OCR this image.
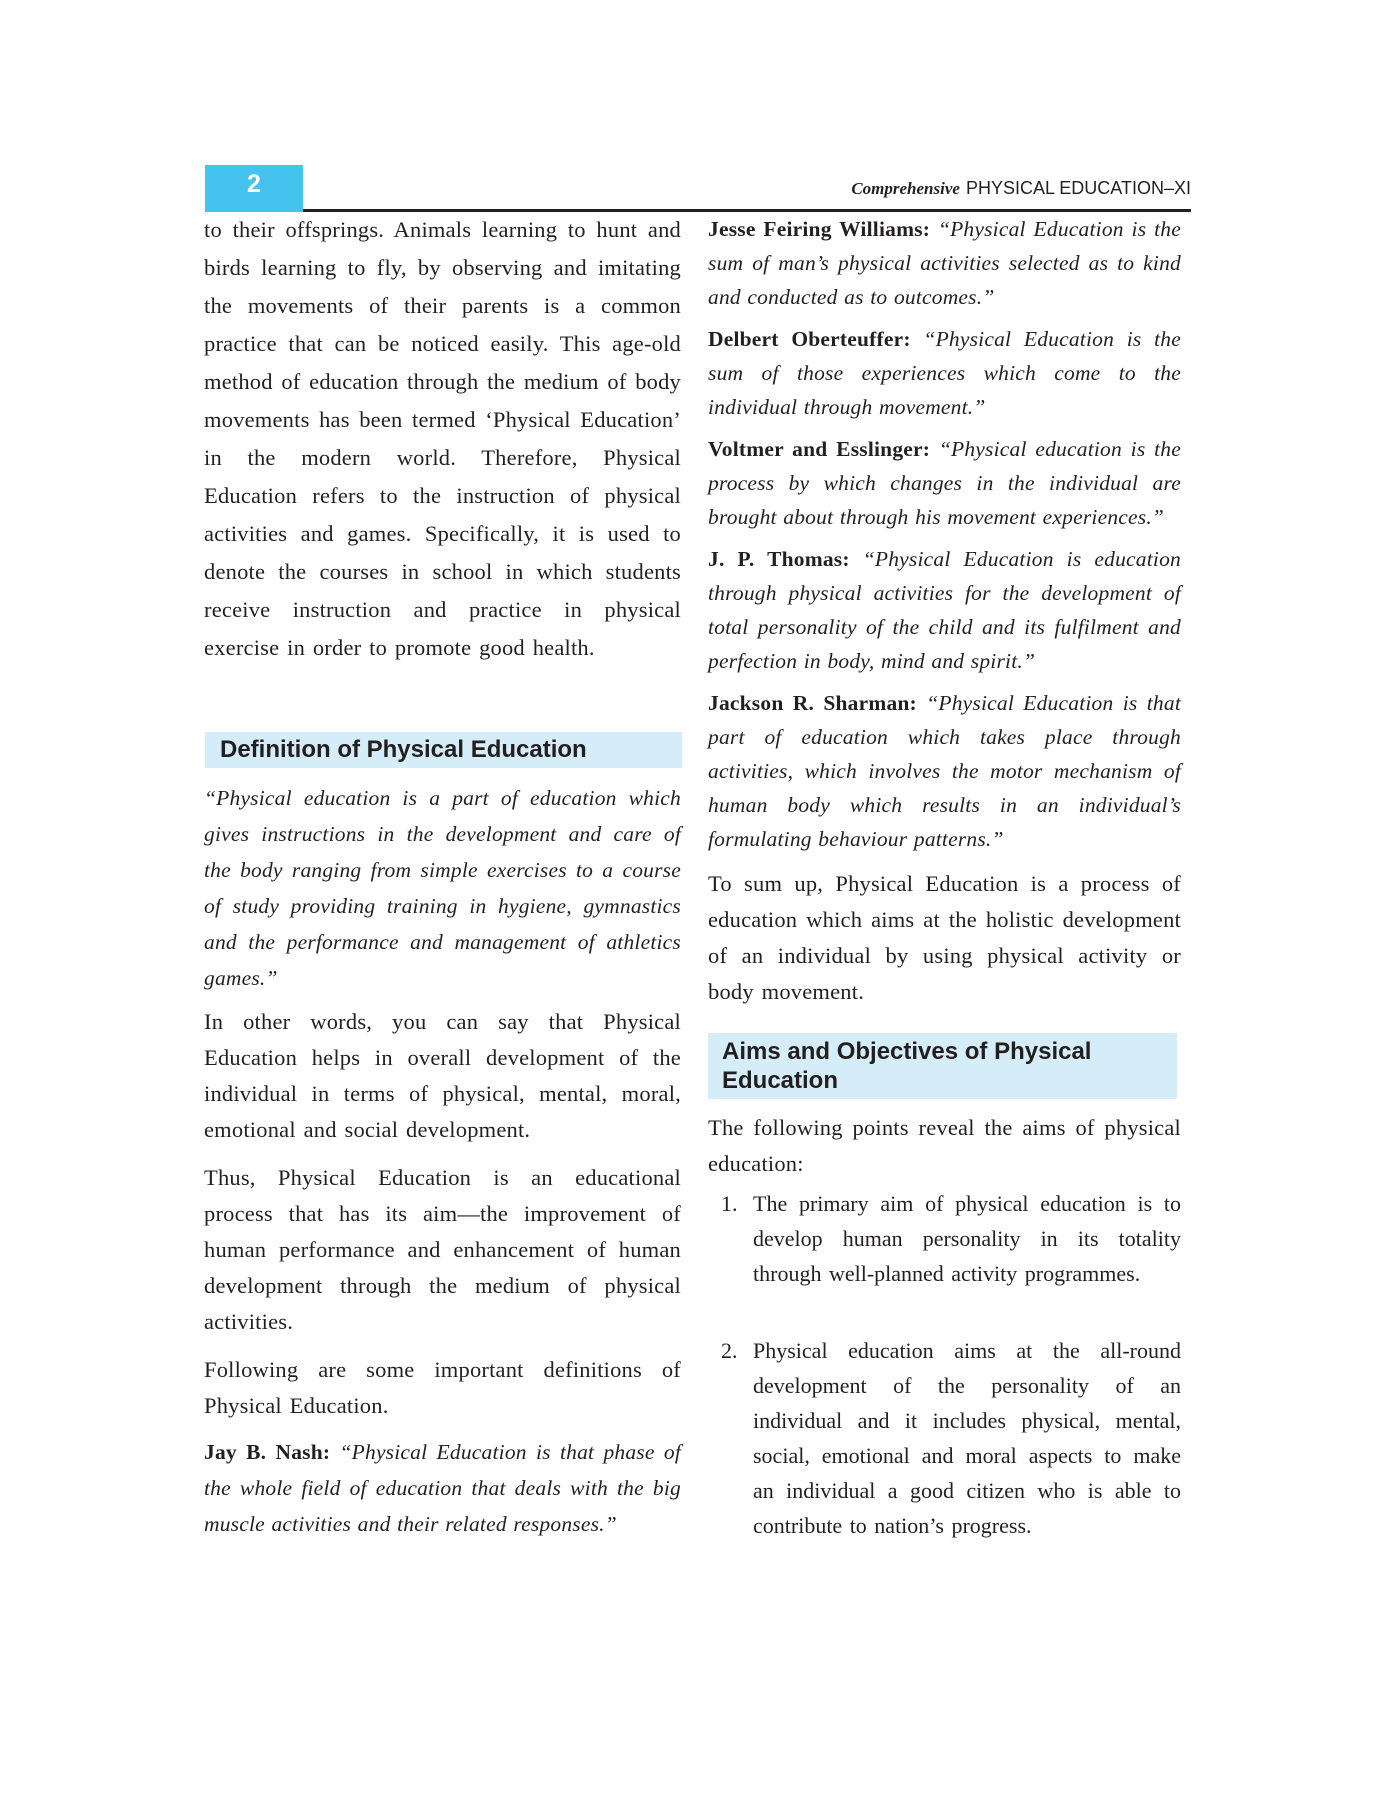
2	Comprehensive PHYSICAL EDUCATION–XI
to their offsprings. Animals learning to hunt and birds learning to fly, by observing and imitating the movements of their parents is a common practice that can be noticed easily. This age-old method of education through the medium of body movements has been termed ‘Physical Education’ in the modern world. Therefore, Physical Education refers to the instruction of physical activities and games. Specifically, it is used to denote the courses in school in which students receive instruction and practice in physical exercise in order to promote good health.
Definition of Physical Education
“Physical education is a part of education which gives instructions in the development and care of the body ranging from simple exercises to a course of study providing training in hygiene, gymnastics and the performance and management of athletics games.”
In other words, you can say that Physical Education helps in overall development of the individual in terms of physical, mental, moral, emotional and social development.
Thus, Physical Education is an educational process that has its aim—the improvement of human performance and enhancement of human development through the medium of physical activities.
Following are some important definitions of Physical Education.
Jay B. Nash: “Physical Education is that phase of the whole field of education that deals with the big muscle activities and their related responses.”
Jesse Feiring Williams: “Physical Education is the sum of man’s physical activities selected as to kind and conducted as to outcomes.”
Delbert Oberteuffer: “Physical Education is the sum of those experiences which come to the individual through movement.”
Voltmer and Esslinger: “Physical education is the process by which changes in the individual are brought about through his movement experiences.”
J. P. Thomas: “Physical Education is education through physical activities for the development of total personality of the child and its fulfilment and perfection in body, mind and spirit.”
Jackson R. Sharman: “Physical Education is that part of education which takes place through activities, which involves the motor mechanism of human body which results in an individual’s formulating behaviour patterns.”
To sum up, Physical Education is a process of education which aims at the holistic development of an individual by using physical activity or body movement.
Aims and Objectives of Physical Education
The following points reveal the aims of physical education:
1. The primary aim of physical education is to develop human personality in its totality through well-planned activity programmes.
2. Physical education aims at the all-round development of the personality of an individual and it includes physical, mental, social, emotional and moral aspects to make an individual a good citizen who is able to contribute to nation’s progress.
